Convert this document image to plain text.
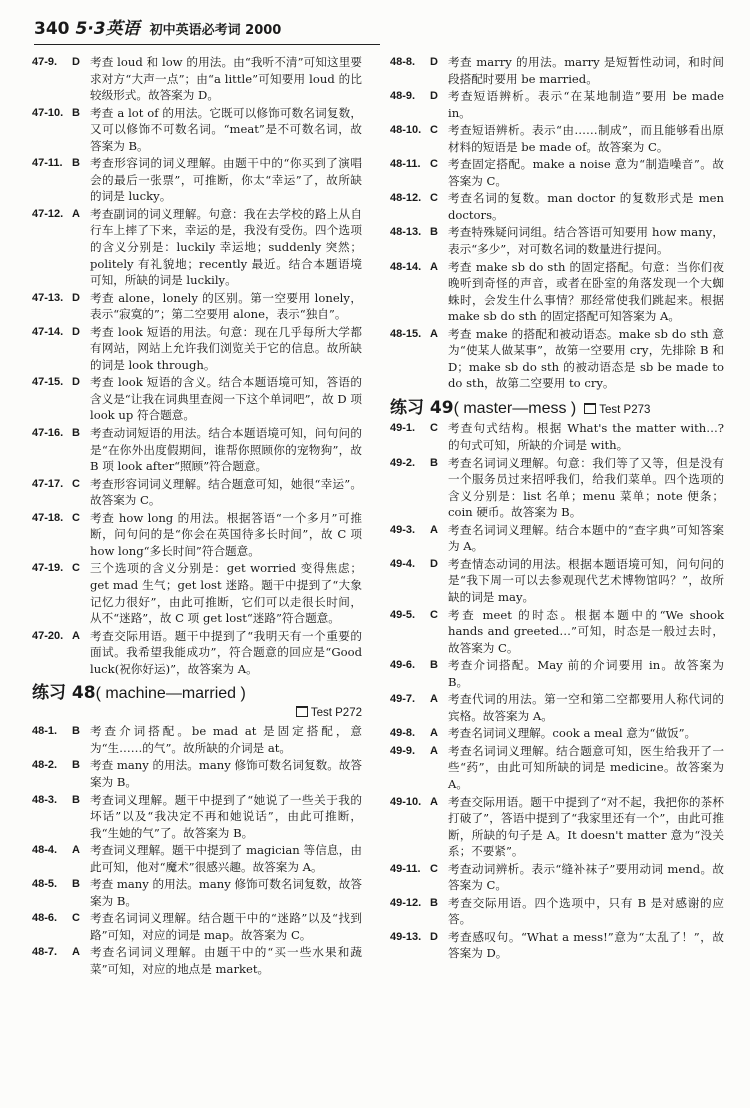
340 5·3英语 初中英语必考词 2000
47-9.	D 考查 loud 和 low 的用法。由“我听不清”可知这里要求对方“大声一点”；由“a little”可知要用 loud 的比较级形式。故答案为 D。
47-10. B 考查 a lot of 的用法。它既可以修饰可数名词复数，又可以修饰不可数名词。“meat”是不可数名词，故答案为 B。
47-11. B 考查形容词的词义理解。由题干中的“你买到了演唱会的最后一张票”，可推断，你太“幸运”了，故所缺的词是 lucky。
47-12. A 考查副词的词义理解。句意：我在去学校的路上从自行车上摔了下来，幸运的是，我没有受伤。四个选项的含义分别是：luckily 幸运地；suddenly 突然；politely 有礼貌地；recently 最近。结合本题语境可知，所缺的词是 luckily。
47-13. D 考查 alone，lonely 的区别。第一空要用 lonely，表示“寂寞的”；第二空要用 alone，表示“独自”。
47-14. D 考查 look 短语的用法。句意：现在几乎每所大学都有网站，网站上允许我们浏览关于它的信息。故所缺的词是 look through。
47-15. D 考查 look 短语的含义。结合本题语境可知，答语的含义是“让我在词典里查阅一下这个单词吧”，故 D 项 look up 符合题意。
47-16. B 考查动词短语的用法。结合本题语境可知，问句问的是“在你外出度假期间，谁帮你照顾你的宠物狗”，故 B 项 look after“照顾”符合题意。
47-17. C 考查形容词词义理解。结合题意可知，她很“幸运”。故答案为 C。
47-18. C 考查 how long 的用法。根据答语“一个多月”可推断，问句问的是“你会在英国待多长时间”，故 C 项 how long“多长时间”符合题意。
47-19. C 三个选项的含义分别是：get worried 变得焦虑；get mad 生气；get lost 迷路。题干中提到了“大象记忆力很好”，由此可推断，它们可以走很长时间，从不“迷路”，故 C 项 get lost“迷路”符合题意。
47-20. A 考查交际用语。题干中提到了“我明天有一个重要的面试。我希望我能成功”，符合题意的回应是“Good luck(祝你好运)”，故答案为 A。
练习 48( machine—married )
Test P272
48-1.	B 考查介词搭配。be mad at 是固定搭配，意为“生……的气”。故所缺的介词是 at。
48-2.	B 考查 many 的用法。many 修饰可数名词复数。故答案为 B。
48-3.	B 考查词义理解。题干中提到了“她说了一些关于我的坏话”以及“我决定不再和她说话”，由此可推断，我“生她的气”了。故答案为 B。
48-4.	A 考查词义理解。题干中提到了 magician 等信息，由此可知，他对“魔术”很感兴趣。故答案为 A。
48-5.	B 考查 many 的用法。many 修饰可数名词复数，故答案为 B。
48-6.	C 考查名词词义理解。结合题干中的“迷路”以及“找到路”可知，对应的词是 map。故答案为 C。
48-7.	A 考查名词词义理解。由题干中的“买一些水果和蔬菜”可知，对应的地点是 market。
48-8.	D 考查 marry 的用法。marry 是短暂性动词，和时间段搭配时要用 be married。
48-9.	D 考查短语辨析。表示“在某地制造”要用 be made in。
48-10. C 考查短语辨析。表示“由……制成”，而且能够看出原材料的短语是 be made of。故答案为 C。
48-11. C 考查固定搭配。make a noise 意为“制造噪音”。故答案为 C。
48-12. C 考查名词的复数。man doctor 的复数形式是 men doctors。
48-13. B 考查特殊疑问词组。结合答语可知要用 how many，表示“多少”，对可数名词的数量进行提问。
48-14. A 考查 make sb do sth 的固定搭配。句意：当你们夜晚听到奇怪的声音，或者在卧室的角落发现一个大蜘蛛时，会发生什么事情？那经常使我们跳起来。根据 make sb do sth 的固定搭配可知答案为 A。
48-15. A 考查 make 的搭配和被动语态。make sb do sth 意为“使某人做某事”，故第一空要用 cry，先排除 B 和 D；make sb do sth 的被动语态是 sb be made to do sth，故第二空要用 to cry。
练习 49( master—mess ) Test P273
49-1.	C 考查句式结构。根据 What's the matter with…? 的句式可知，所缺的介词是 with。
49-2.	B 考查名词词义理解。句意：我们等了又等，但是没有一个服务员过来招呼我们，给我们菜单。四个选项的含义分别是：list 名单；menu 菜单；note 便条；coin 硬币。故答案为 B。
49-3.	A 考查名词词义理解。结合本题中的“查字典”可知答案为 A。
49-4.	D 考查情态动词的用法。根据本题语境可知，问句问的是“我下周一可以去参观现代艺术博物馆吗？”，故所缺的词是 may。
49-5.	C 考查 meet 的时态。根据本题中的“We shook hands and greeted…”可知，时态是一般过去时，故答案为 C。
49-6.	B 考查介词搭配。May 前的介词要用 in。故答案为 B。
49-7.	A 考查代词的用法。第一空和第二空都要用人称代词的宾格。故答案为 A。
49-8.	A 考查名词词义理解。cook a meal 意为“做饭”。
49-9.	A 考查名词词义理解。结合题意可知，医生给我开了一些“药”，由此可知所缺的词是 medicine。故答案为 A。
49-10. A 考查交际用语。题干中提到了“对不起，我把你的茶杯打破了”，答语中提到了“我家里还有一个”，由此可推断，所缺的句子是 A。It doesn't matter 意为“没关系；不要紧”。
49-11. C 考查动词辨析。表示“缝补袜子”要用动词 mend。故答案为 C。
49-12. B 考查交际用语。四个选项中，只有 B 是对感谢的应答。
49-13. D 考查感叹句。“What a mess!”意为“太乱了！”，故答案为 D。
